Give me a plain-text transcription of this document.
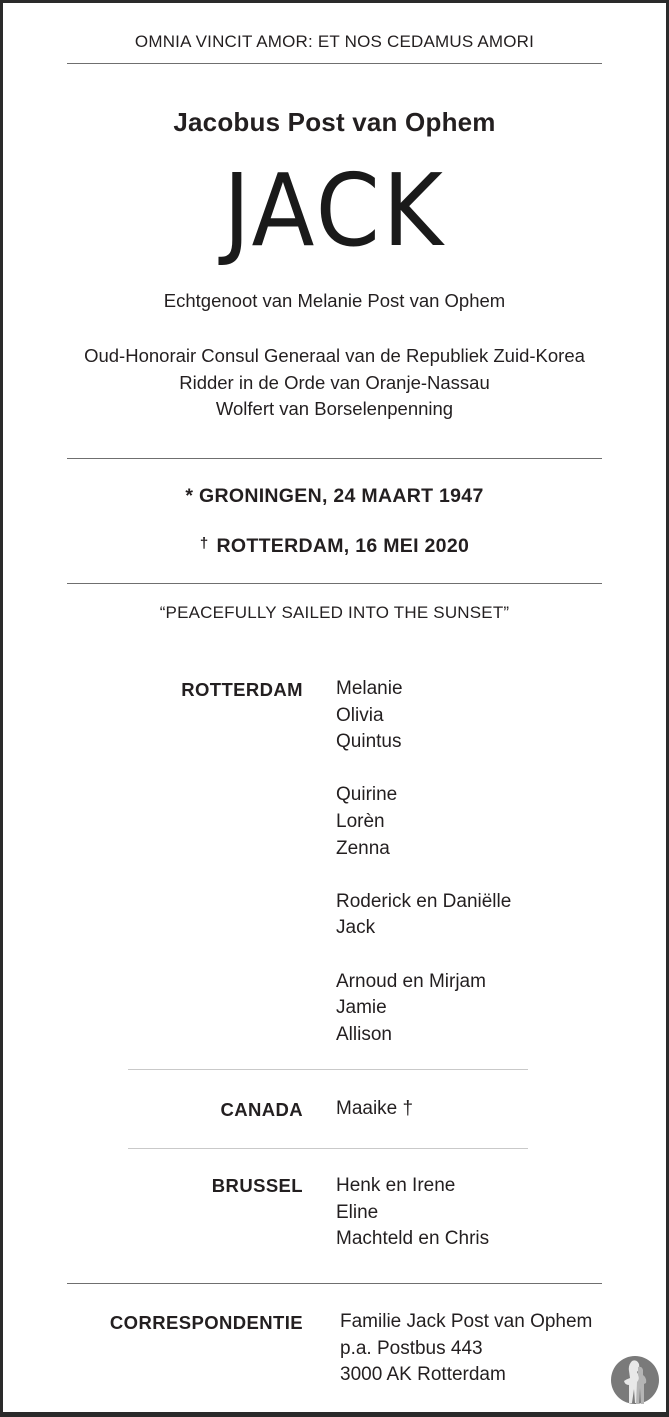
OMNIA VINCIT AMOR: ET NOS CEDAMUS AMORI
Jacobus Post van Ophem
JACK
Echtgenoot van Melanie Post van Ophem
Oud-Honorair Consul Generaal van de Republiek Zuid-Korea
Ridder in de Orde van Oranje-Nassau
Wolfert van Borselenpenning
* GRONINGEN, 24 MAART 1947
† ROTTERDAM, 16 MEI 2020
“PEACEFULLY SAILED INTO THE SUNSET”
ROTTERDAM Melanie
Olivia
Quintus
Quirine
Lorèn
Zenna
Roderick en Daniëlle
Jack
Arnoud en Mirjam
Jamie
Allison
CANADA Maaike †
BRUSSEL Henk en Irene
Eline
Machteld en Chris
CORRESPONDENTIE Familie Jack Post van Ophem
p.a. Postbus 443
3000 AK Rotterdam
